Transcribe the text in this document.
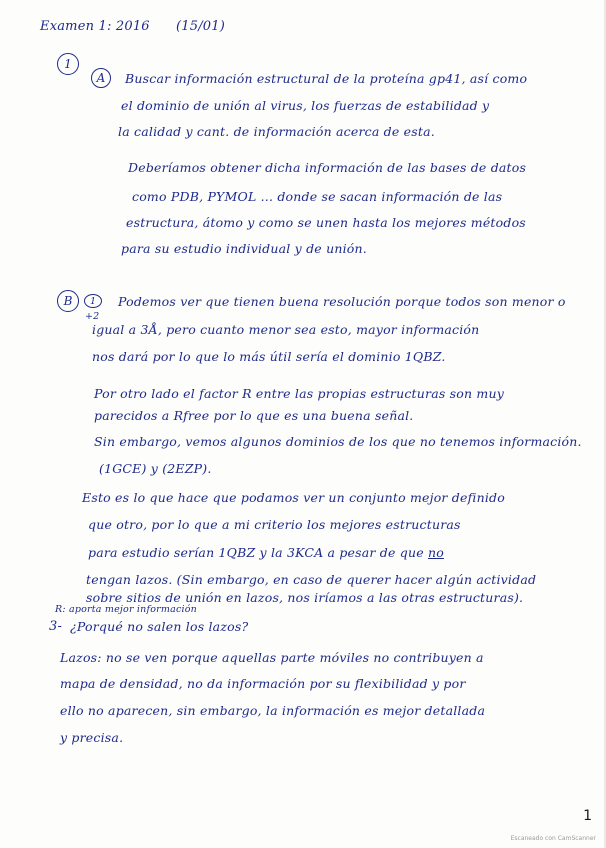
Examen 1: 2016 (15/01)
1
A	Buscar información estructural de la proteína gp41, así como
el dominio de unión al virus, los fuerzas de estabilidad y
la calidad y cant. de información acerca de esta.
Deberíamos obtener dicha información de las bases de datos
como PDB, PYMOL ... donde se sacan información de las
estructura, átomo y como se unen hasta los mejores métodos
para su estudio individual y de unión.
B	1
+2
Podemos ver que tienen buena resolución porque todos son menor o
igual a 3Å, pero cuanto menor sea esto, mayor información
nos dará por lo que lo más útil sería el dominio 1QBZ.
Por otro lado el factor R entre las propias estructuras son muy
parecidos a Rfree por lo que es una buena señal.
Sin embargo, vemos algunos dominios de los que no tenemos información.
(1GCE) y (2EZP).
Esto es lo que hace que podamos ver un conjunto mejor definido
que otro, por lo que a mi criterio los mejores estructuras
para estudio serían 1QBZ y la 3KCA a pesar de que no
tengan lazos. (Sin embargo, en caso de querer hacer algún actividad
sobre sitios de unión en lazos, nos iríamos a las otras estructuras).
R: aporta mejor información
3- ¿Porqué no salen los lazos?
Lazos: no se ven porque aquellas parte móviles no contribuyen a
mapa de densidad, no da información por su flexibilidad y por
ello no aparecen, sin embargo, la información es mejor detallada
y precisa.
1
Escaneado con CamScanner
